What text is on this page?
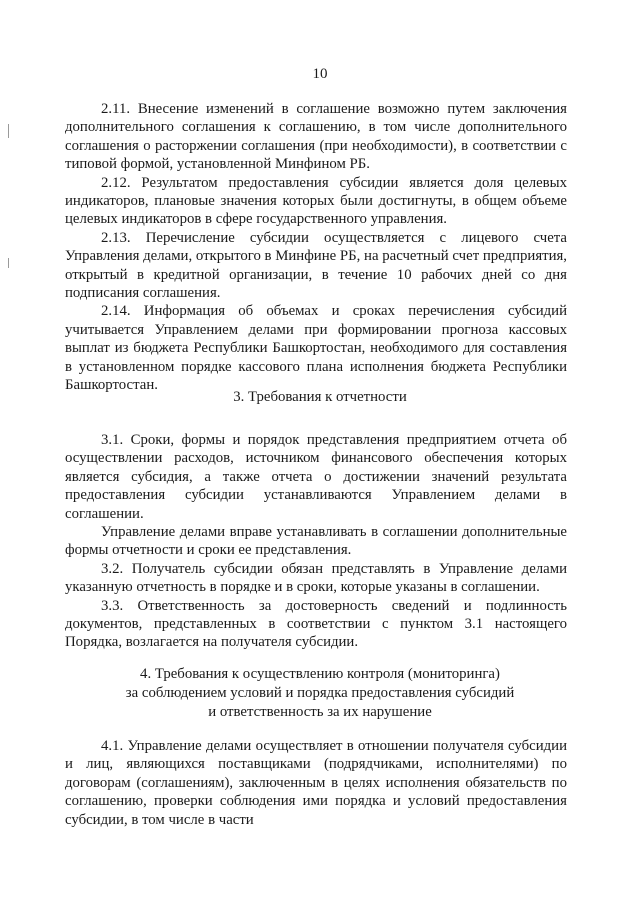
10

2.11. Внесение изменений в соглашение возможно путем заключения дополнительного соглашения к соглашению, в том числе дополнительного соглашения о расторжении соглашения (при необходимости), в соответствии с типовой формой, установленной Минфином РБ.

2.12. Результатом предоставления субсидии является доля целевых индикаторов, плановые значения которых были достигнуты, в общем объеме целевых индикаторов в сфере государственного управления.

2.13. Перечисление субсидии осуществляется с лицевого счета Управления делами, открытого в Минфине РБ, на расчетный счет предприятия, открытый в кредитной организации, в течение 10 рабочих дней со дня подписания соглашения.

2.14. Информация об объемах и сроках перечисления субсидий учитывается Управлением делами при формировании прогноза кассовых выплат из бюджета Республики Башкортостан, необходимого для составления в установленном порядке кассового плана исполнения бюджета Республики Башкортостан.

3. Требования к отчетности

3.1. Сроки, формы и порядок представления предприятием отчета об осуществлении расходов, источником финансового обеспечения которых является субсидия, а также отчета о достижении значений результата предоставления субсидии устанавливаются Управлением делами в соглашении.

Управление делами вправе устанавливать в соглашении дополнительные формы отчетности и сроки ее представления.

3.2. Получатель субсидии обязан представлять в Управление делами указанную отчетность в порядке и в сроки, которые указаны в соглашении.

3.3. Ответственность за достоверность сведений и подлинность документов, представленных в соответствии с пунктом 3.1 настоящего Порядка, возлагается на получателя субсидии.

4. Требования к осуществлению контроля (мониторинга)
за соблюдением условий и порядка предоставления субсидий
и ответственность за их нарушение

4.1. Управление делами осуществляет в отношении получателя субсидии и лиц, являющихся поставщиками (подрядчиками, исполнителями) по договорам (соглашениям), заключенным в целях исполнения обязательств по соглашению, проверки соблюдения ими порядка и условий предоставления субсидии, в том числе в части
